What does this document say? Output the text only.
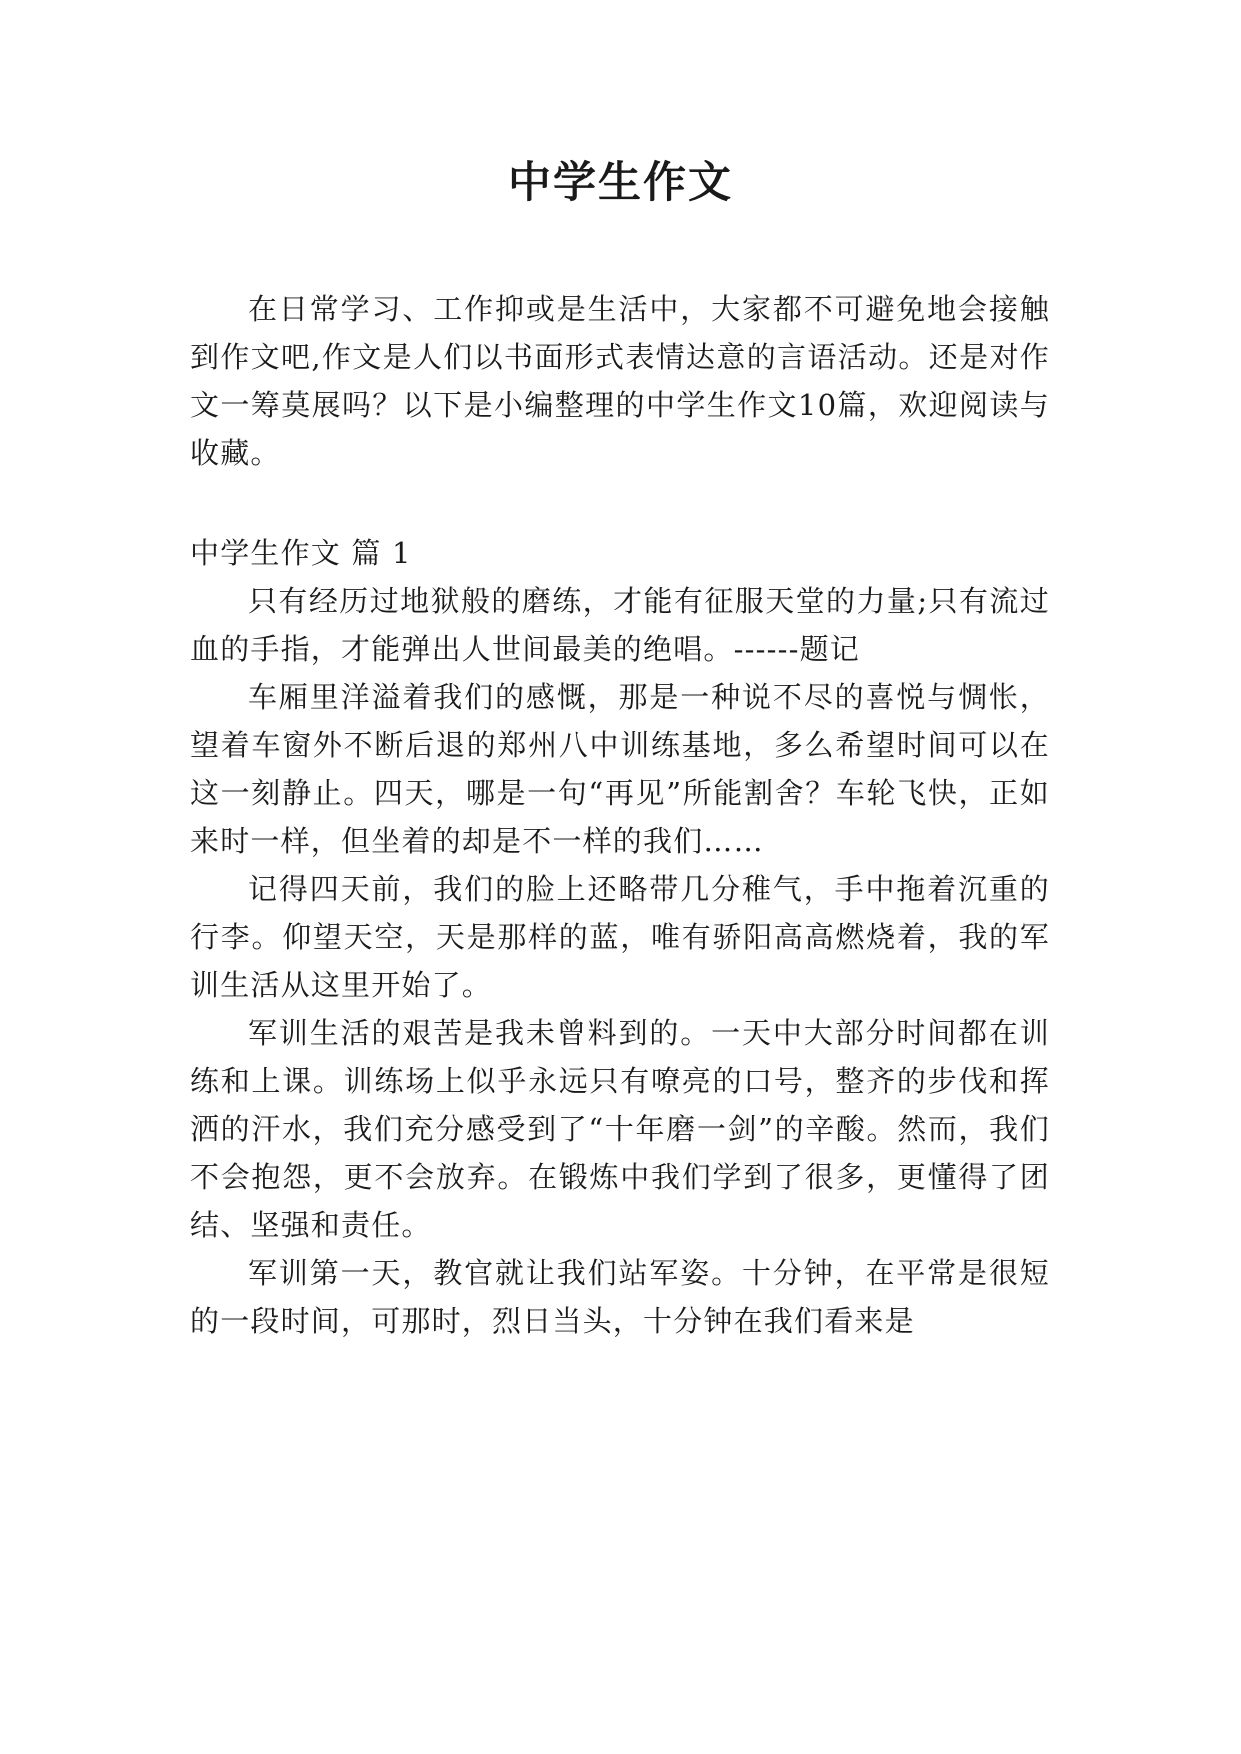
中学生作文

在日常学习、工作抑或是生活中，大家都不可避免地会接触到作文吧,作文是人们以书面形式表情达意的言语活动。还是对作文一筹莫展吗？以下是小编整理的中学生作文10篇，欢迎阅读与收藏。

中学生作文 篇 1

只有经历过地狱般的磨练，才能有征服天堂的力量;只有流过血的手指，才能弹出人世间最美的绝唱。------题记

车厢里洋溢着我们的感慨，那是一种说不尽的喜悦与惆怅，望着车窗外不断后退的郑州八中训练基地，多么希望时间可以在这一刻静止。四天，哪是一句“再见”所能割舍？车轮飞快，正如来时一样，但坐着的却是不一样的我们……

记得四天前，我们的脸上还略带几分稚气，手中拖着沉重的行李。仰望天空，天是那样的蓝，唯有骄阳高高燃烧着，我的军训生活从这里开始了。

军训生活的艰苦是我未曾料到的。一天中大部分时间都在训练和上课。训练场上似乎永远只有嘹亮的口号，整齐的步伐和挥洒的汗水，我们充分感受到了“十年磨一剑”的辛酸。然而，我们不会抱怨，更不会放弃。在锻炼中我们学到了很多，更懂得了团结、坚强和责任。

军训第一天，教官就让我们站军姿。十分钟，在平常是很短的一段时间，可那时，烈日当头，十分钟在我们看来是
